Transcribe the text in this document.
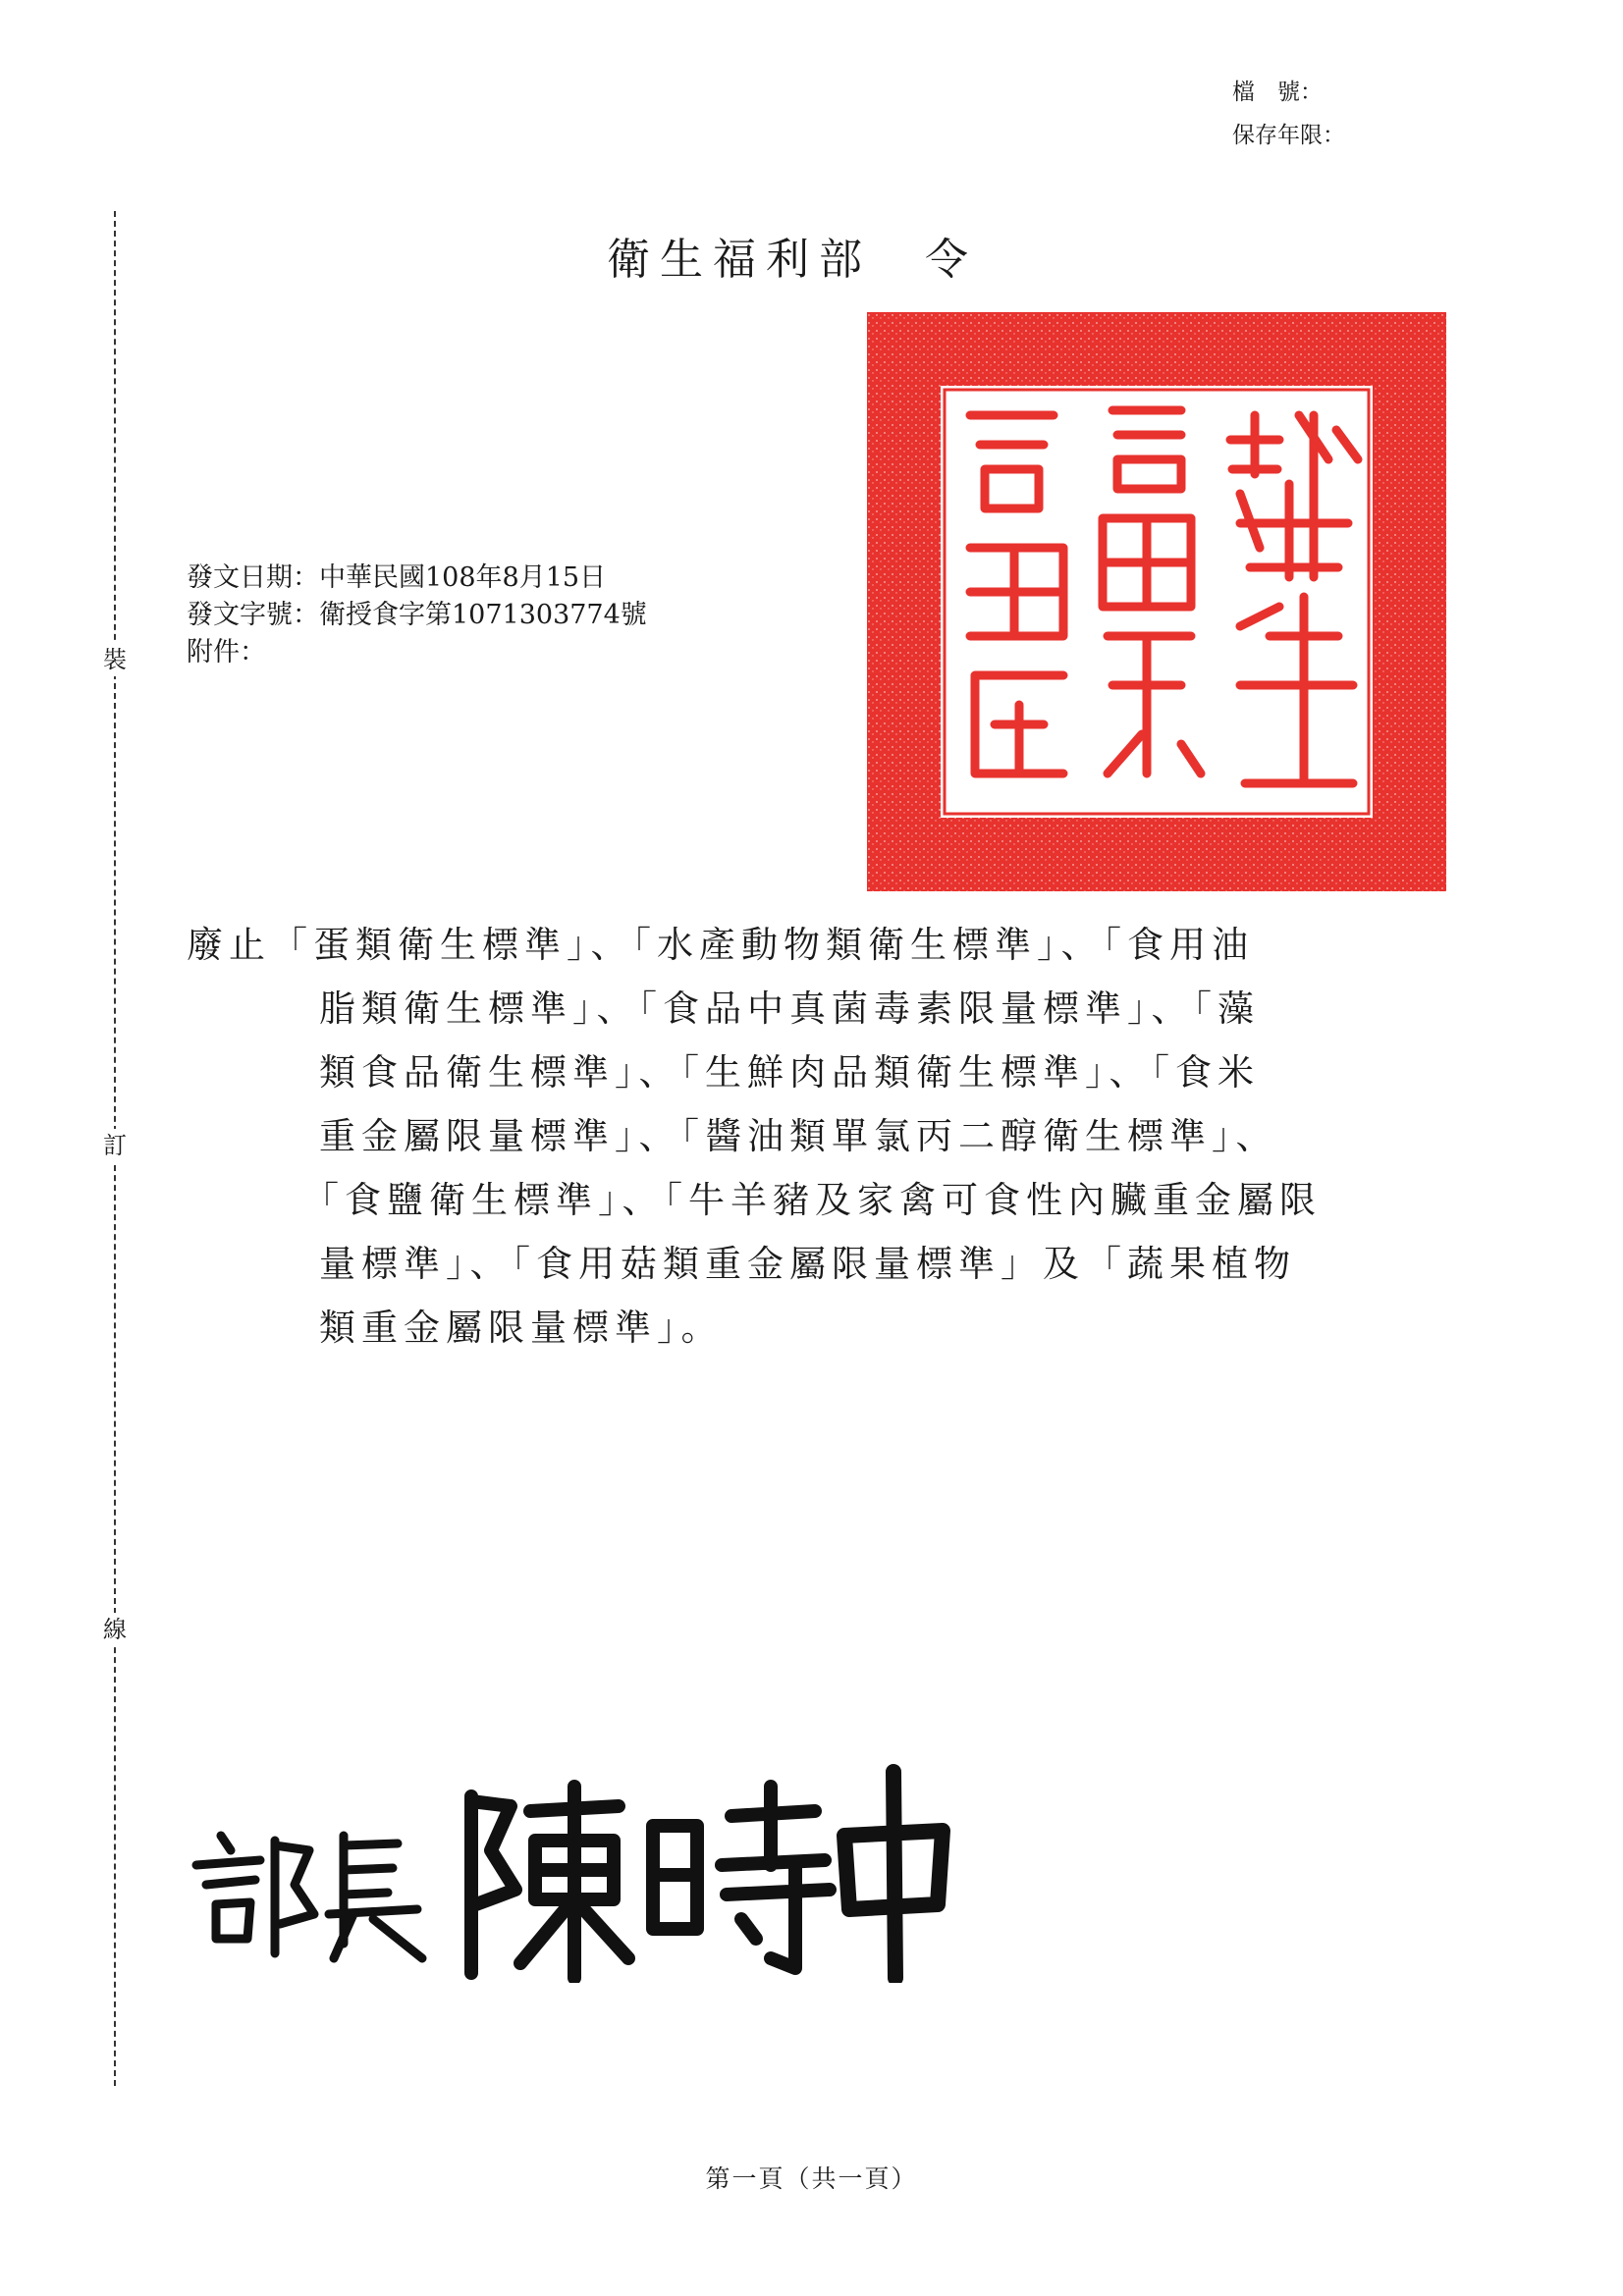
裝
訂
線
檔　號：
保存年限：
衛生福利部　令
發文日期：中華民國108年8月15日
發文字號：衛授食字第1071303774號
附件：
廢止「蛋類衛生標準」、「水產動物類衛生標準」、「食用油
脂類衛生標準」、「食品中真菌毒素限量標準」、「藻
類食品衛生標準」、「生鮮肉品類衛生標準」、「食米
重金屬限量標準」、「醬油類單氯丙二醇衛生標準」、
「食鹽衛生標準」、「牛羊豬及家禽可食性內臟重金屬限
量標準」、「食用菇類重金屬限量標準」及「蔬果植物
類重金屬限量標準」。
第一頁（共一頁）
